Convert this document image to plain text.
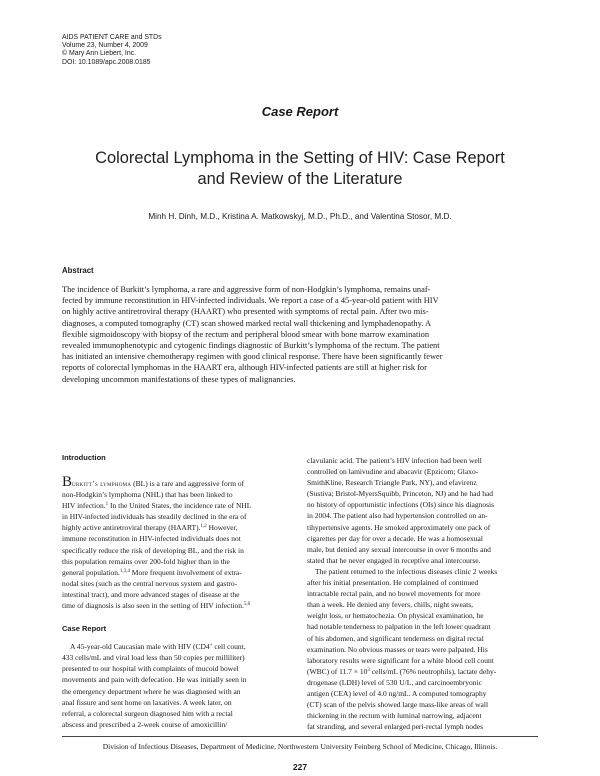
AIDS PATIENT CARE and STDs
Volume 23, Number 4, 2009
© Mary Ann Liebert, Inc.
DOI: 10.1089/apc.2008.0185
Case Report
Colorectal Lymphoma in the Setting of HIV: Case Report
and Review of the Literature
Minh H. Dinh, M.D., Kristina A. Matkowskyj, M.D., Ph.D., and Valentina Stosor, M.D.
Abstract
The incidence of Burkitt’s lymphoma, a rare and aggressive form of non-Hodgkin’s lymphoma, remains unaf-
fected by immune reconstitution in HIV-infected individuals. We report a case of a 45-year-old patient with HIV
on highly active antiretroviral therapy (HAART) who presented with symptoms of rectal pain. After two mis-
diagnoses, a computed tomography (CT) scan showed marked rectal wall thickening and lymphadenopathy. A
flexible sigmoidoscopy with biopsy of the rectum and peripheral blood smear with bone marrow examination
revealed immunophenotypic and cytogenic findings diagnostic of Burkitt’s lymphoma of the rectum. The patient
has initiated an intensive chemotherapy regimen with good clinical response. There have been significantly fewer
reports of colorectal lymphomas in the HAART era, although HIV-infected patients are still at higher risk for
developing uncommon manifestations of these types of malignancies.
Introduction
Burkitt’s lymphoma (BL) is a rare and aggressive form of
non-Hodgkin’s lymphoma (NHL) that has been linked to
HIV infection.$^1$ In the United States, the incidence rate of NHL
in HIV-infected individuals has steadily declined in the era of
highly active antiretroviral therapy (HAART).$^{1,2}$ However,
immune reconstitution in HIV-infected individuals does not
specifically reduce the risk of developing BL, and the risk in
this population remains over 200-fold higher than in the
general population.$^{1,3,4}$ More frequent involvement of extra-
nodal sites (such as the central nervous system and gastro-
intestinal tract), and more advanced stages of disease at the
time of diagnosis is also seen in the setting of HIV infection.$^{5,6}$
Case Report
A 45-year-old Caucasian male with HIV (CD4+ cell count,
433 cells/mL and viral load less than 50 copies per milliliter)
presented to our hospital with complaints of mucoid bowel
movements and pain with defecation. He was initially seen in
the emergency department where he was diagnosed with an
anal fissure and sent home on laxatives. A week later, on
referral, a colorectal surgeon diagnosed him with a rectal
abscess and prescribed a 2-week course of amoxicillin/
clavulanic acid. The patient’s HIV infection had been well
controlled on lamivudine and abacavir (Epzicom; Glaxo-
SmithKline, Research Triangle Park, NY), and efavirenz
(Sustiva; Bristol-MyersSquibb, Princeton, NJ) and he had had
no history of opportunistic infections (OIs) since his diagnosis
in 2004. The patient also had hypertension controlled on an-
tihypertensive agents. He smoked approximately one pack of
cigarettes per day for over a decade. He was a homosexual
male, but denied any sexual intercourse in over 6 months and
stated that he never engaged in receptive anal intercourse.
The patient returned to the infectious diseases clinic 2 weeks
after his initial presentation. He complained of continued
intractable rectal pain, and no bowel movements for more
than a week. He denied any fevers, chills, night sweats,
weight loss, or hematochezia. On physical examination, he
had notable tenderness to palpation in the left lower quadrant
of his abdomen, and significant tenderness on digital rectal
examination. No obvious masses or tears were palpated. His
laboratory results were significant for a white blood cell count
(WBC) of $11.7 \times 10^3$ cells/mL (76% neutrophils), lactate dehy-
drogenase (LDH) level of 530 U/L, and carcinoembryonic
antigen (CEA) level of 4.0 ng/mL. A computed tomography
(CT) scan of the pelvis showed large mass-like areas of wall
thickening in the rectum with luminal narrowing, adjacent
fat stranding, and several enlarged peri-rectal lymph nodes
Division of Infectious Diseases, Department of Medicine, Northwestern University Feinberg School of Medicine, Chicago, Illinois.
227
